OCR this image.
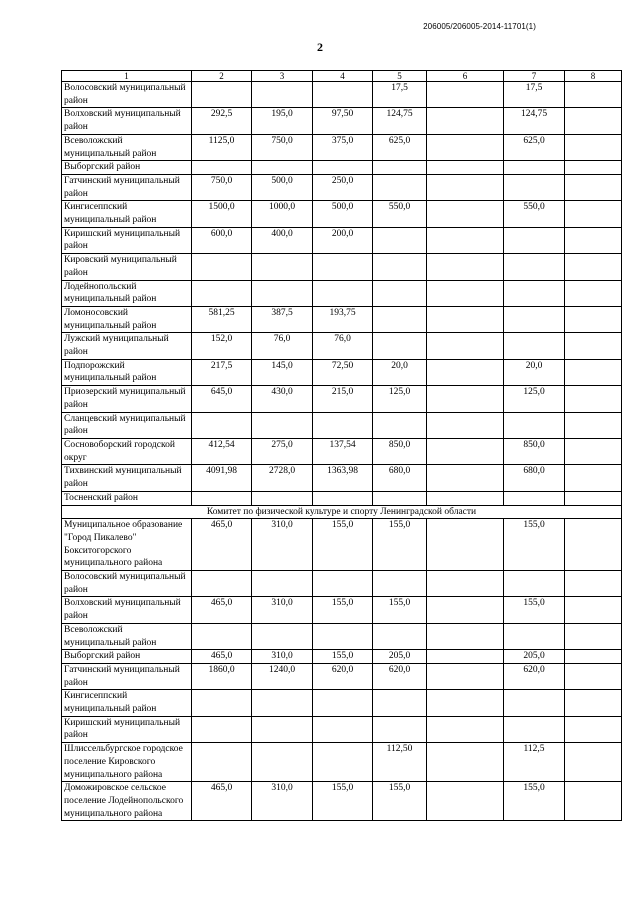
206005/206005-2014-11701(1)
2
1	2	3	4	5	6	7	8
Волосовский муниципальный район				17,5		17,5	
Волховский муниципальный район	292,5	195,0	97,50	124,75		124,75	
Всеволожский муниципальный район	1125,0	750,0	375,0	625,0		625,0	
Выборгский район							
Гатчинский муниципальный район	750,0	500,0	250,0				
Кингисеппский муниципальный район	1500,0	1000,0	500,0	550,0		550,0	
Киришский муниципальный район	600,0	400,0	200,0				
Кировский муниципальный район							
Лодейнопольский муниципальный район							
Ломоносовский муниципальный район	581,25	387,5	193,75				
Лужский муниципальный район	152,0	76,0	76,0				
Подпорожский муниципальный район	217,5	145,0	72,50	20,0		20,0	
Приозерский муниципальный район	645,0	430,0	215,0	125,0		125,0	
Сланцевский муниципальный район							
Сосновоборский городской округ	412,54	275,0	137,54	850,0		850,0	
Тихвинский муниципальный район	4091,98	2728,0	1363,98	680,0		680,0	
Тосненский район							
Комитет по физической культуре и спорту Ленинградской области							
Муниципальное образование "Город Пикалево" Бокситогорского муниципального района	465,0	310,0	155,0	155,0		155,0	
Волосовский муниципальный район							
Волховский муниципальный район	465,0	310,0	155,0	155,0		155,0	
Всеволожский муниципальный район							
Выборгский район	465,0	310,0	155,0	205,0		205,0	
Гатчинский муниципальный район	1860,0	1240,0	620,0	620,0		620,0	
Кингисеппский муниципальный район							
Киришский муниципальный район							
Шлиссельбургское городское поселение Кировского муниципального района				112,50		112,5	
Доможировское сельское поселение Лодейнопольского муниципального района	465,0	310,0	155,0	155,0		155,0	
